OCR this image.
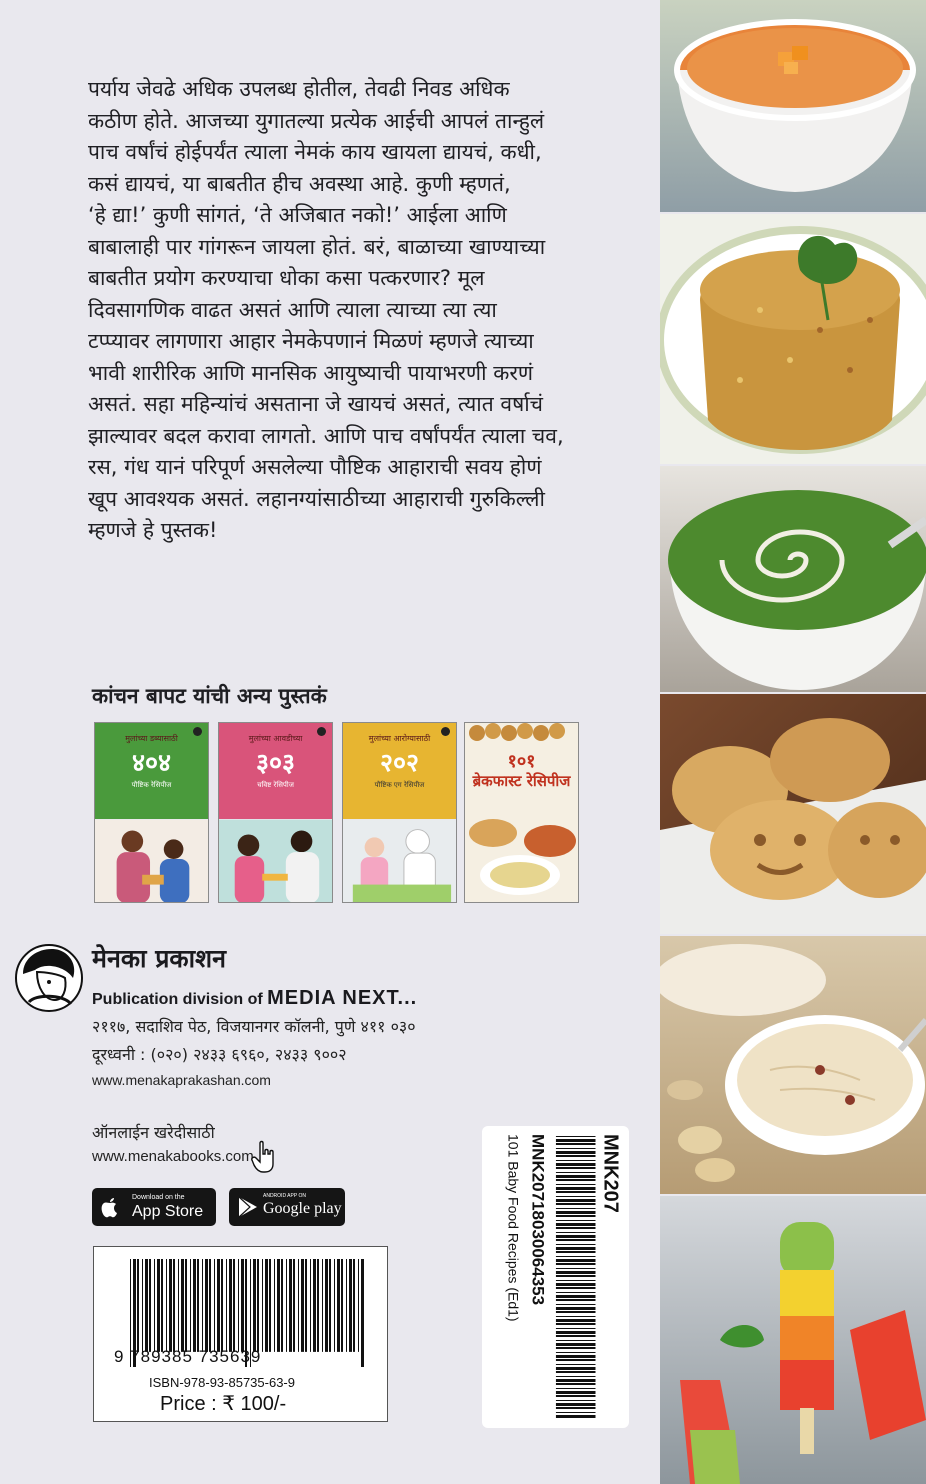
पर्याय जेवढे अधिक उपलब्ध होतील, तेवढी निवड अधिक
कठीण होते. आजच्या युगातल्या प्रत्येक आईची आपलं तान्हुलं
पाच वर्षांचं होईपर्यंत त्याला नेमकं काय खायला द्यायचं, कधी,
कसं द्यायचं, या बाबतीत हीच अवस्था आहे. कुणी म्हणतं,
‘हे द्या!’ कुणी सांगतं, ‘ते अजिबात नको!’ आईला आणि
बाबालाही पार गांगरून जायला होतं. बरं, बाळाच्या खाण्याच्या
बाबतीत प्रयोग करण्याचा धोका कसा पत्करणार? मूल
दिवसागणिक वाढत असतं आणि त्याला त्याच्या त्या त्या
टप्प्यावर लागणारा आहार नेमकेपणानं मिळणं म्हणजे त्याच्या
भावी शारीरिक आणि मानसिक आयुष्याची पायाभरणी करणं
असतं. सहा महिन्यांचं असताना जे खायचं असतं, त्यात वर्षाचं
झाल्यावर बदल करावा लागतो. आणि पाच वर्षांपर्यंत त्याला चव,
रस, गंध यानं परिपूर्ण असलेल्या पौष्टिक आहाराची सवय होणं
खूप आवश्यक असतं. लहानग्यांसाठीच्या आहाराची गुरुकिल्ली
म्हणजे हे पुस्तक!
कांचन बापट यांची अन्य पुस्तकं
मुलांच्या डब्यासाठी
४०४
पौष्टिक रेसिपीज
मुलांच्या आवडीच्या
३०३
चविष्ट रेसिपीज
मुलांच्या आरोग्यासाठी
२०२
पौष्टिक एग रेसिपीज
१०१
ब्रेकफास्ट रेसिपीज
मेनका प्रकाशन
Publication division of MEDIA NEXT...
२११७, सदाशिव पेठ, विजयानगर कॉलनी, पुणे ४११ ०३०
दूरध्वनी : (०२०) २४३३ ६९६०, २४३३ ९००२
www.menakaprakashan.com
ऑनलाईन खरेदीसाठी
www.menakabooks.com
Download on the
App Store
ANDROID APP ON
Google play
9 789385 735639
ISBN-978-93-85735-63-9
Price : ₹ 100/-
MNK207
MNK2071803006435​3
101 Baby Food Recipes (Ed1)
